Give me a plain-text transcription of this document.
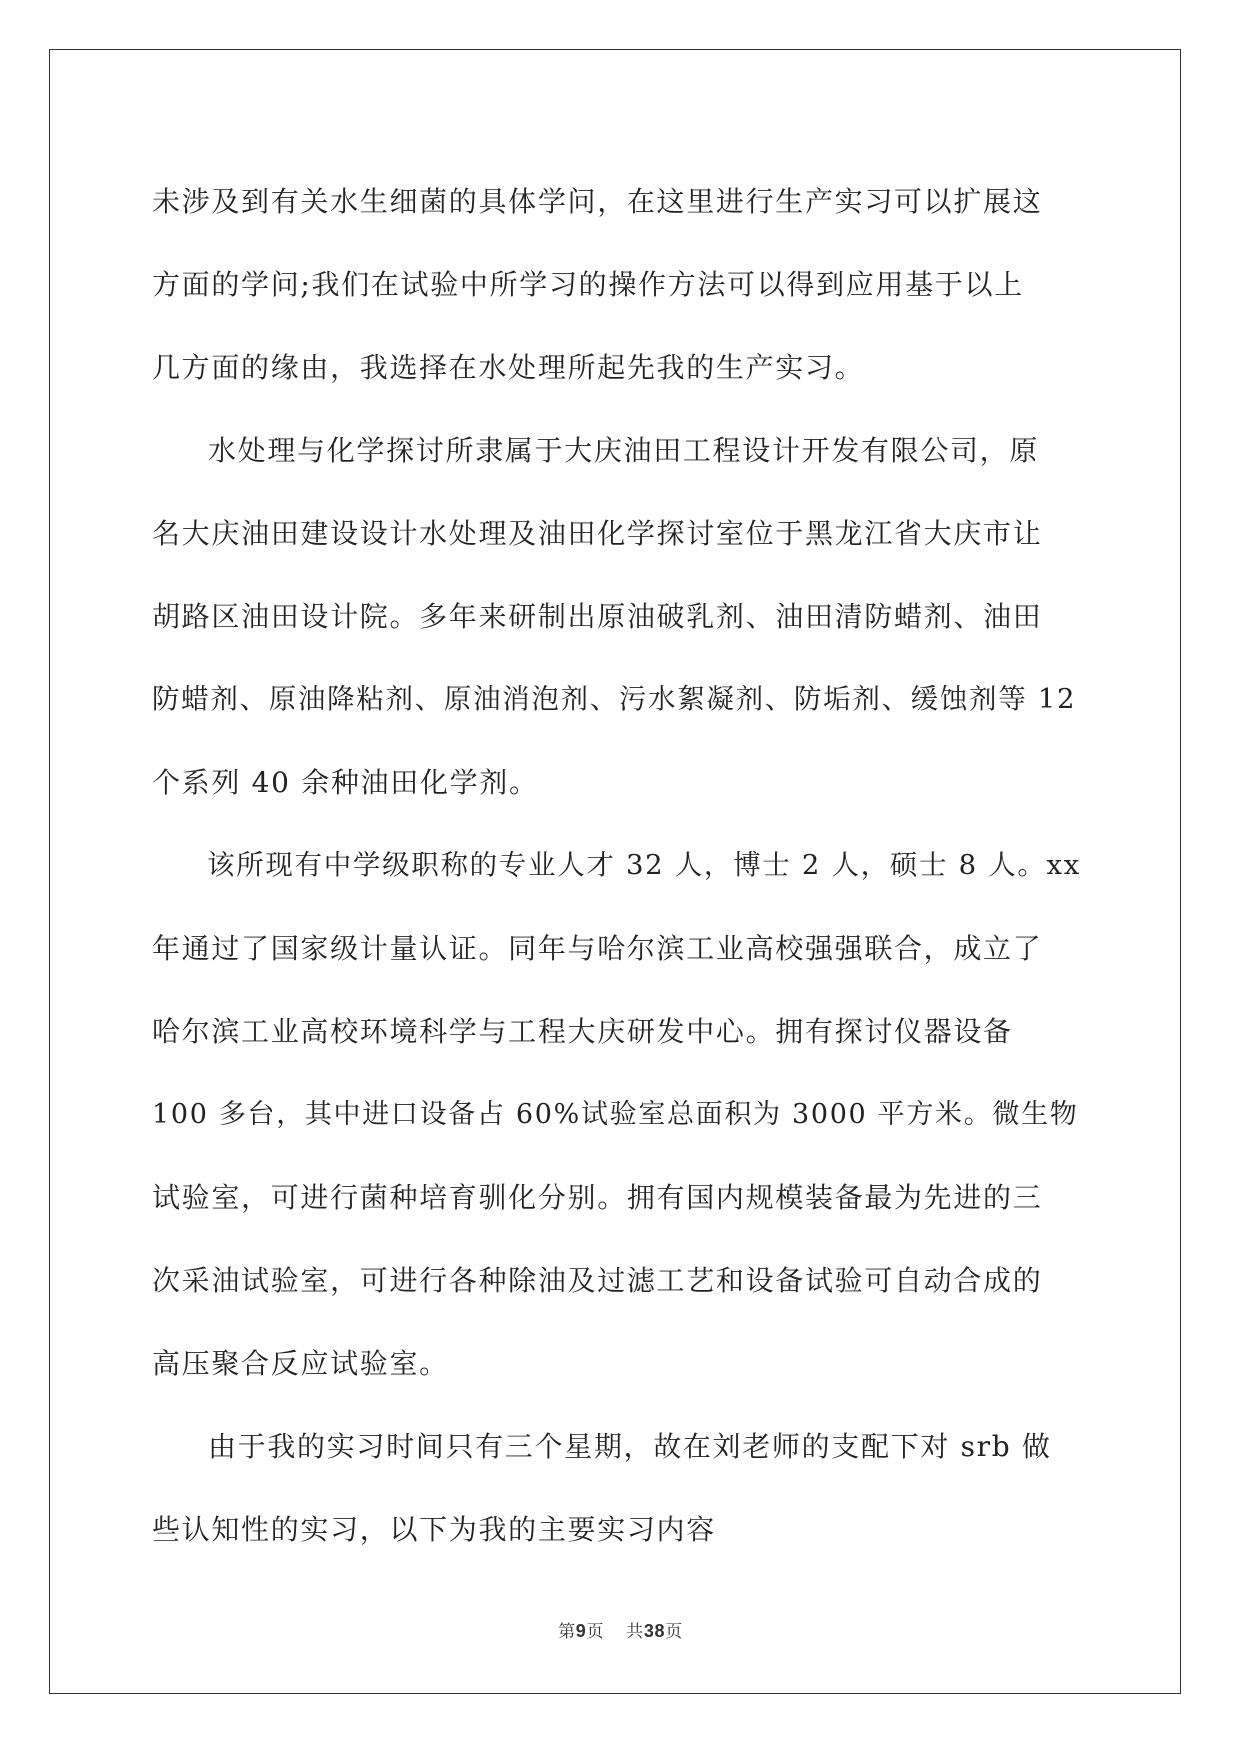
未涉及到有关水生细菌的具体学问，在这里进行生产实习可以扩展这
方面的学问;我们在试验中所学习的操作方法可以得到应用基于以上
几方面的缘由，我选择在水处理所起先我的生产实习。
水处理与化学探讨所隶属于大庆油田工程设计开发有限公司，原
名大庆油田建设设计水处理及油田化学探讨室位于黑龙江省大庆市让
胡路区油田设计院。多年来研制出原油破乳剂、油田清防蜡剂、油田
防蜡剂、原油降粘剂、原油消泡剂、污水絮凝剂、防垢剂、缓蚀剂等 12
个系列 40 余种油田化学剂。
该所现有中学级职称的专业人才 32 人，博士 2 人，硕士 8 人。xx
年通过了国家级计量认证。同年与哈尔滨工业高校强强联合，成立了
哈尔滨工业高校环境科学与工程大庆研发中心。拥有探讨仪器设备
100 多台，其中进口设备占 60%试验室总面积为 3000 平方米。微生物
试验室，可进行菌种培育驯化分别。拥有国内规模装备最为先进的三
次采油试验室，可进行各种除油及过滤工艺和设备试验可自动合成的
高压聚合反应试验室。
由于我的实习时间只有三个星期，故在刘老师的支配下对 srb 做
些认知性的实习，以下为我的主要实习内容
第9页 共38页
